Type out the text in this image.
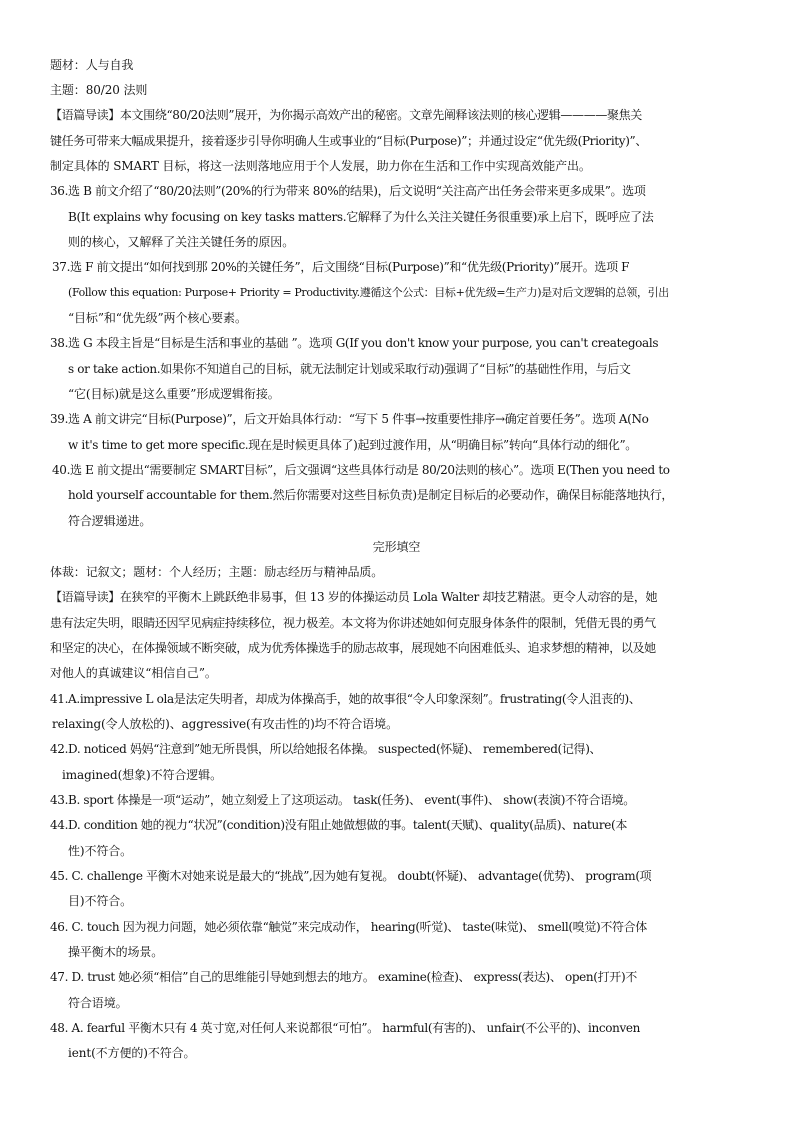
题材：人与自我
主题：80/20 法则
【语篇导读】本文围绕“80/20法则”展开，为你揭示高效产出的秘密。文章先阐释该法则的核心逻辑————聚焦关
键任务可带来大幅成果提升，接着逐步引导你明确人生或事业的“目标(Purpose)”；并通过设定“优先级(Priority)”、
制定具体的 SMART 目标，将这一法则落地应用于个人发展，助力你在生活和工作中实现高效能产出。
36.选 B 前文介绍了“80/20法则”(20%的行为带来 80%的结果)，后文说明“关注高产出任务会带来更多成果”。选项
B(It explains why focusing on key tasks matters.它解释了为什么关注关键任务很重要)承上启下，既呼应了法
则的核心，又解释了关注关键任务的原因。
37.选 F 前文提出“如何找到那 20%的关键任务”，后文围绕“目标(Purpose)”和“优先级(Priority)”展开。选项 F
(Follow this equation: Purpose+ Priority = Productivity.遵循这个公式：目标+优先级=生产力)是对后文逻辑的总领，引出
“目标”和“优先级”两个核心要素。
38.选 G 本段主旨是“目标是生活和事业的基础 ”。选项 G(If you don't know your purpose, you can't creategoals
s or take action.如果你不知道自己的目标，就无法制定计划或采取行动)强调了“目标”的基础性作用，与后文
“它(目标)就是这么重要”形成逻辑衔接。
39.选 A 前文讲完“目标(Purpose)”，后文开始具体行动：“写下 5 件事→按重要性排序→确定首要任务”。选项 A(No
w it's time to get more specific.现在是时候更具体了)起到过渡作用，从“明确目标”转向“具体行动的细化”。
40.选 E 前文提出“需要制定 SMART目标”，后文强调“这些具体行动是 80/20法则的核心”。选项 E(Then you need to
hold yourself accountable for them.然后你需要对这些目标负责)是制定目标后的必要动作，确保目标能落地执行，
符合逻辑递进。
完形填空
体裁：记叙文；题材：个人经历；主题：励志经历与精神品质。
【语篇导读】在狭窄的平衡木上跳跃绝非易事，但 13 岁的体操运动员 Lola Walter 却技艺精湛。更令人动容的是，她
患有法定失明，眼睛还因罕见病症持续移位，视力极差。本文将为你讲述她如何克服身体条件的限制，凭借无畏的勇气
和坚定的决心，在体操领域不断突破，成为优秀体操选手的励志故事，展现她不向困难低头、追求梦想的精神，以及她
对他人的真诚建议“相信自己”。
41.A.impressive L ola是法定失明者，却成为体操高手，她的故事很“令人印象深刻”。frustrating(令人沮丧的)、
relaxing(令人放松的)、aggressive(有攻击性的)均不符合语境。
42.D. noticed 妈妈“注意到”她无所畏惧，所以给她报名体操。 suspected(怀疑)、 remembered(记得)、
imagined(想象)不符合逻辑。
43.B. sport 体操是一项“运动”，她立刻爱上了这项运动。 task(任务)、 event(事件)、 show(表演)不符合语境。
44.D. condition 她的视力“状况”(condition)没有阻止她做想做的事。talent(天赋)、quality(品质)、nature(本
性)不符合。
45. C. challenge 平衡木对她来说是最大的“挑战”,因为她有复视。 doubt(怀疑)、 advantage(优势)、 program(项
目)不符合。
46. C. touch 因为视力问题，她必须依靠“触觉”来完成动作， hearing(听觉)、 taste(味觉)、 smell(嗅觉)不符合体
操平衡木的场景。
47. D. trust 她必须“相信”自己的思维能引导她到想去的地方。 examine(检查)、 express(表达)、 open(打开)不
符合语境。
48. A. fearful 平衡木只有 4 英寸宽,对任何人来说都很“可怕”。 harmful(有害的)、 unfair(不公平的)、inconven
ient(不方便的)不符合。
